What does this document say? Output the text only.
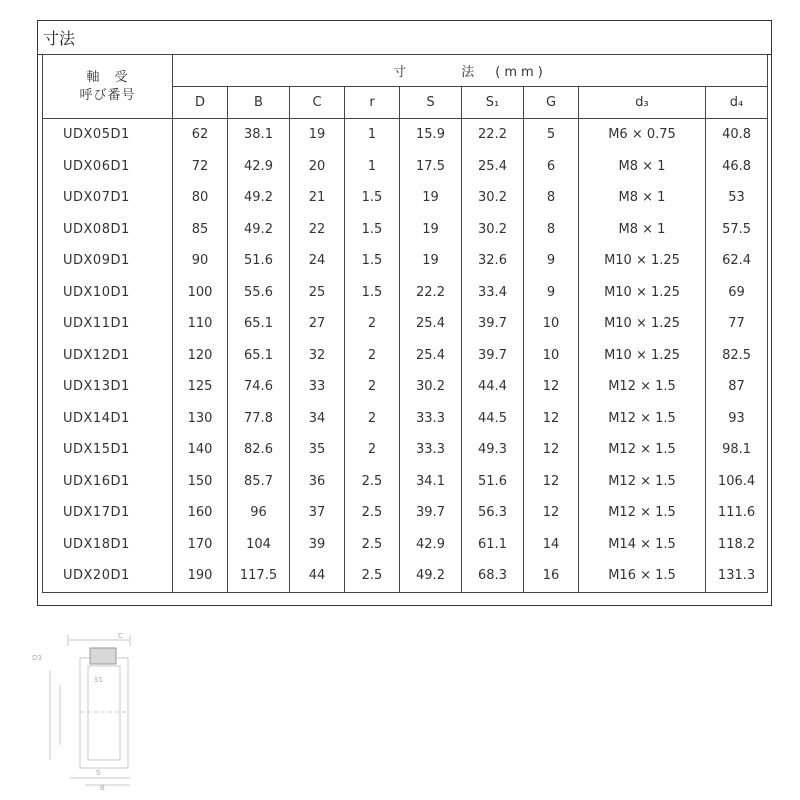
寸法
軸　受
呼び番号	寸　　　法　(mm)								
	D	B	C	r	S	S₁	G	d₃	d₄
UDX05D1	62	38.1	19	1	15.9	22.2	5	M6 × 0.75	40.8
UDX06D1	72	42.9	20	1	17.5	25.4	6	M8 × 1	46.8
UDX07D1	80	49.2	21	1.5	19	30.2	8	M8 × 1	53
UDX08D1	85	49.2	22	1.5	19	30.2	8	M8 × 1	57.5
UDX09D1	90	51.6	24	1.5	19	32.6	9	M10 × 1.25	62.4
UDX10D1	100	55.6	25	1.5	22.2	33.4	9	M10 × 1.25	69
UDX11D1	110	65.1	27	2	25.4	39.7	10	M10 × 1.25	77
UDX12D1	120	65.1	32	2	25.4	39.7	10	M10 × 1.25	82.5
UDX13D1	125	74.6	33	2	30.2	44.4	12	M12 × 1.5	87
UDX14D1	130	77.8	34	2	33.3	44.5	12	M12 × 1.5	93
UDX15D1	140	82.6	35	2	33.3	49.3	12	M12 × 1.5	98.1
UDX16D1	150	85.7	36	2.5	34.1	51.6	12	M12 × 1.5	106.4
UDX17D1	160	96	37	2.5	39.7	56.3	12	M12 × 1.5	111.6
UDX18D1	170	104	39	2.5	42.9	61.1	14	M14 × 1.5	118.2
UDX20D1	190	117.5	44	2.5	49.2	68.3	16	M16 × 1.5	131.3
C
D3
S1
S
B
